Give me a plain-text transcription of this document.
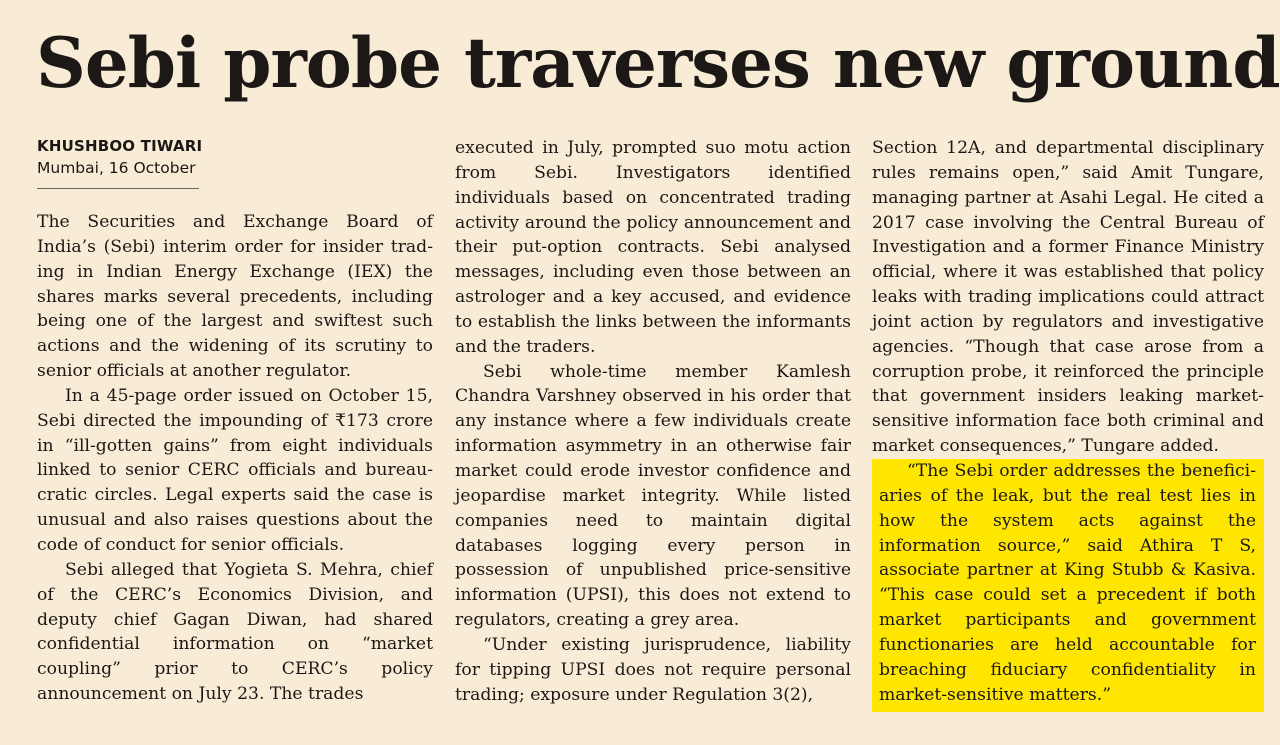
Sebi probe traverses new ground
KHUSHBOO TIWARI
Mumbai, 16 October

The Securities and Exchange Board of India’s (Sebi) interim order for insider trading in Indian Energy Exchange (IEX) the shares marks several precedents, including being one of the largest and swiftest such actions and the widening of its scrutiny to senior officials at another regulator.

In a 45-page order issued on October 15, Sebi directed the impounding of ₹173 crore in “ill-gotten gains” from eight individuals linked to senior CERC officials and bureaucratic circles. Legal experts said the case is unusual and also raises questions about the code of conduct for senior officials.

Sebi alleged that Yogieta S. Mehra, chief of the CERC’s Economics Division, and deputy chief Gagan Diwan, had shared confidential information on “market coupling” prior to CERC’s policy announcement on July 23. The trades

executed in July, prompted suo motu action from Sebi. Investigators identified individuals based on concentrated trading activity around the policy announcement and their put-option contracts. Sebi analysed messages, including even those between an astrologer and a key accused, and evidence to establish the links between the informants and the traders.

Sebi whole-time member Kamlesh Chandra Varshney observed in his order that any instance where a few individuals create information asymmetry in an otherwise fair market could erode investor confidence and jeopardise market integrity. While listed companies need to maintain digital databases logging every person in possession of unpublished price-sensitive information (UPSI), this does not extend to regulators, creating a grey area.

“Under existing jurisprudence, liability for tipping UPSI does not require personal trading; exposure under Regulation 3(2),

Section 12A, and departmental disciplinary rules remains open,” said Amit Tungare, managing partner at Asahi Legal. He cited a 2017 case involving the Central Bureau of Investigation and a former Finance Ministry official, where it was established that policy leaks with trading implications could attract joint action by regulators and investigative agencies. “Though that case arose from a corruption probe, it reinforced the principle that government insiders leaking market-sensitive information face both criminal and market consequences,” Tungare added.

“The Sebi order addresses the beneficiaries of the leak, but the real test lies in how the system acts against the information source,” said Athira T S, associate partner at King Stubb & Kasiva. “This case could set a precedent if both market participants and government functionaries are held accountable for breaching fiduciary confidentiality in market-sensitive matters.”
